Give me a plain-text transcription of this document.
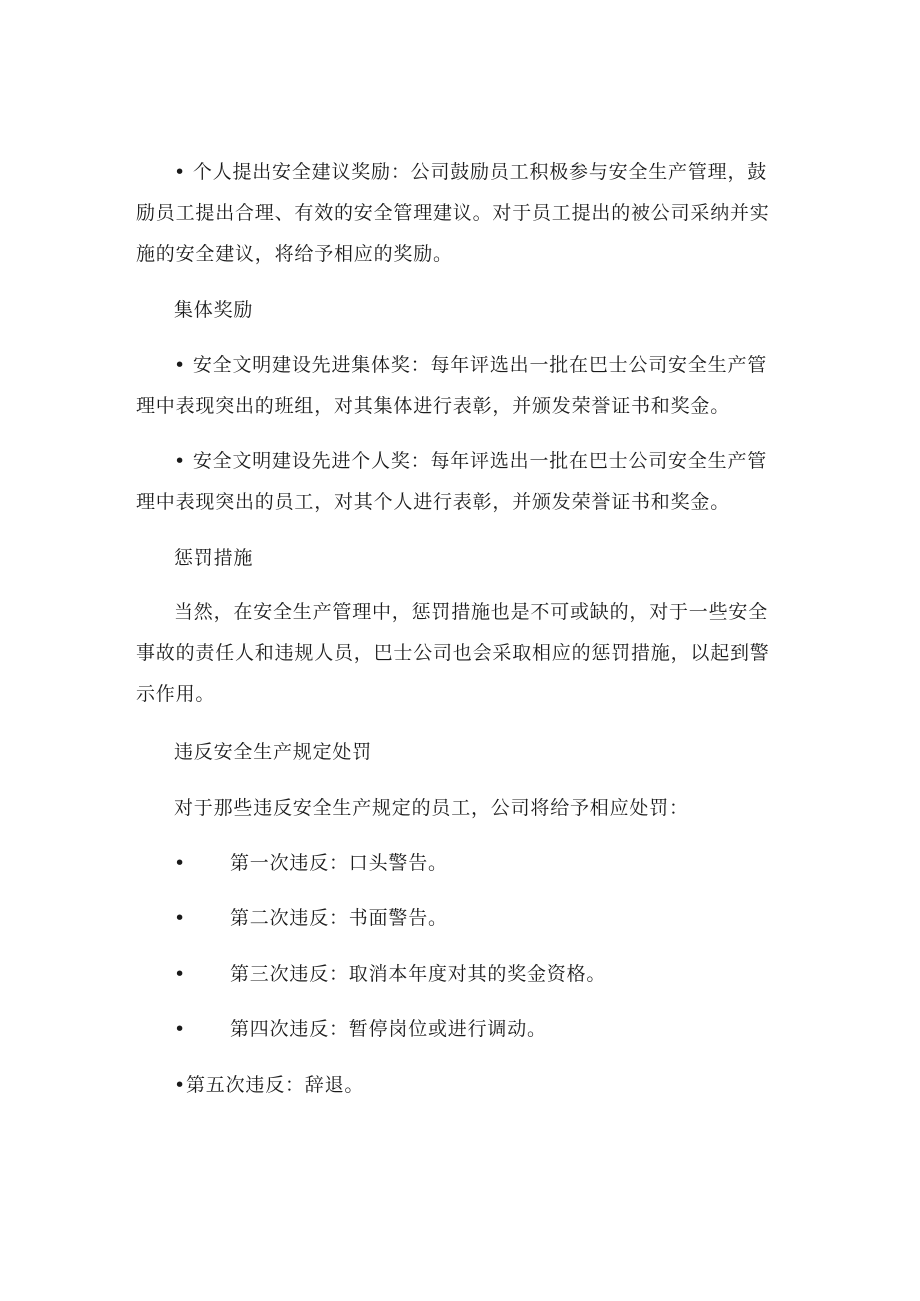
• 个人提出安全建议奖励：公司鼓励员工积极参与安全生产管理，鼓励员工提出合理、有效的安全管理建议。对于员工提出的被公司采纳并实施的安全建议，将给予相应的奖励。

集体奖励

• 安全文明建设先进集体奖：每年评选出一批在巴士公司安全生产管理中表现突出的班组，对其集体进行表彰，并颁发荣誉证书和奖金。

• 安全文明建设先进个人奖：每年评选出一批在巴士公司安全生产管理中表现突出的员工，对其个人进行表彰，并颁发荣誉证书和奖金。

惩罚措施

当然，在安全生产管理中，惩罚措施也是不可或缺的，对于一些安全事故的责任人和违规人员，巴士公司也会采取相应的惩罚措施，以起到警示作用。

违反安全生产规定处罚

对于那些违反安全生产规定的员工，公司将给予相应处罚：

• 第一次违反：口头警告。

• 第二次违反：书面警告。

• 第三次违反：取消本年度对其的奖金资格。

• 第四次违反：暂停岗位或进行调动。

•第五次违反：辞退。
